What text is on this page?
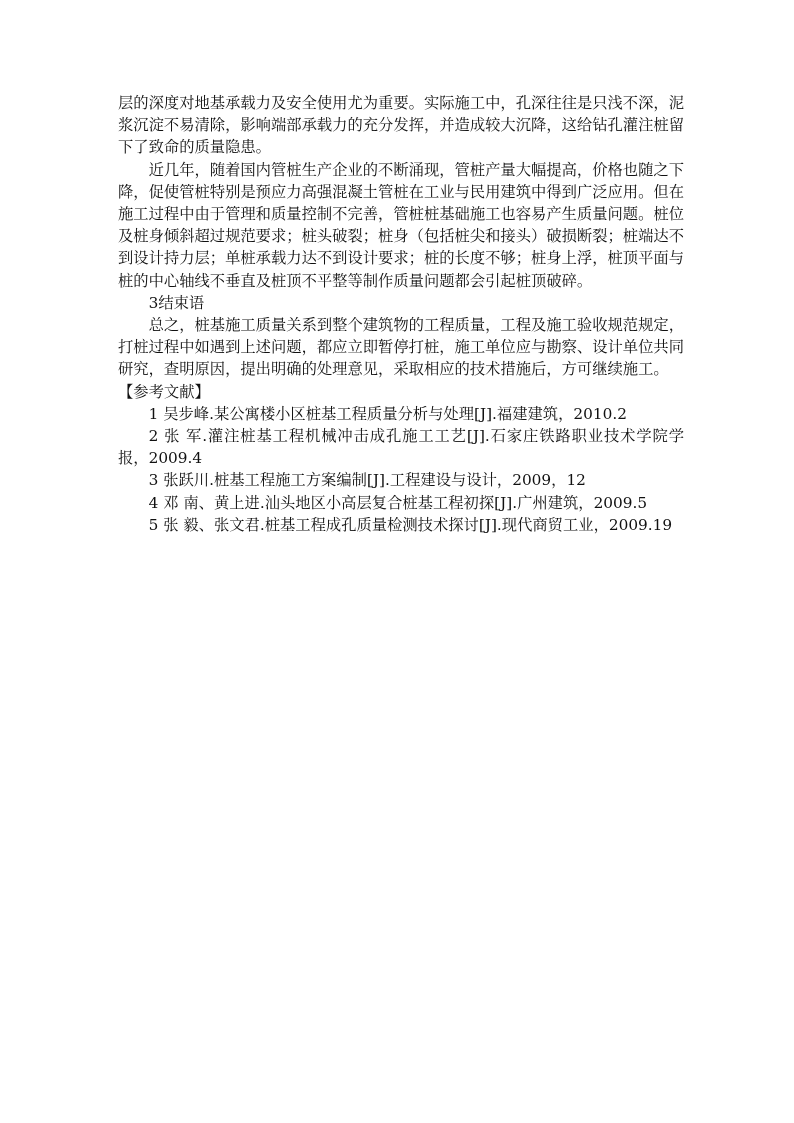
层的深度对地基承载力及安全使用尤为重要。实际施工中，孔深往往是只浅不深，泥浆沉淀不易清除，影响端部承载力的充分发挥，并造成较大沉降，这给钻孔灌注桩留下了致命的质量隐患。

近几年，随着国内管桩生产企业的不断涌现，管桩产量大幅提高，价格也随之下降，促使管桩特别是预应力高强混凝土管桩在工业与民用建筑中得到广泛应用。但在施工过程中由于管理和质量控制不完善，管桩桩基础施工也容易产生质量问题。桩位及桩身倾斜超过规范要求；桩头破裂；桩身（包括桩尖和接头）破损断裂；桩端达不到设计持力层；单桩承载力达不到设计要求；桩的长度不够；桩身上浮，桩顶平面与桩的中心轴线不垂直及桩顶不平整等制作质量问题都会引起桩顶破碎。

3结束语

总之，桩基施工质量关系到整个建筑物的工程质量，工程及施工验收规范规定，打桩过程中如遇到上述问题，都应立即暂停打桩，施工单位应与勘察、设计单位共同研究，查明原因，提出明确的处理意见，采取相应的技术措施后，方可继续施工。

【参考文献】

1 吴步峰.某公寓楼小区桩基工程质量分析与处理[J].福建建筑，2010.2

2 张 军.灌注桩基工程机械冲击成孔施工工艺[J].石家庄铁路职业技术学院学报，2009.4

3 张跃川.桩基工程施工方案编制[J].工程建设与设计，2009，12

4 邓 南、黄上进.汕头地区小高层复合桩基工程初探[J].广州建筑，2009.5

5 张 毅、张文君.桩基工程成孔质量检测技术探讨[J].现代商贸工业，2009.19
